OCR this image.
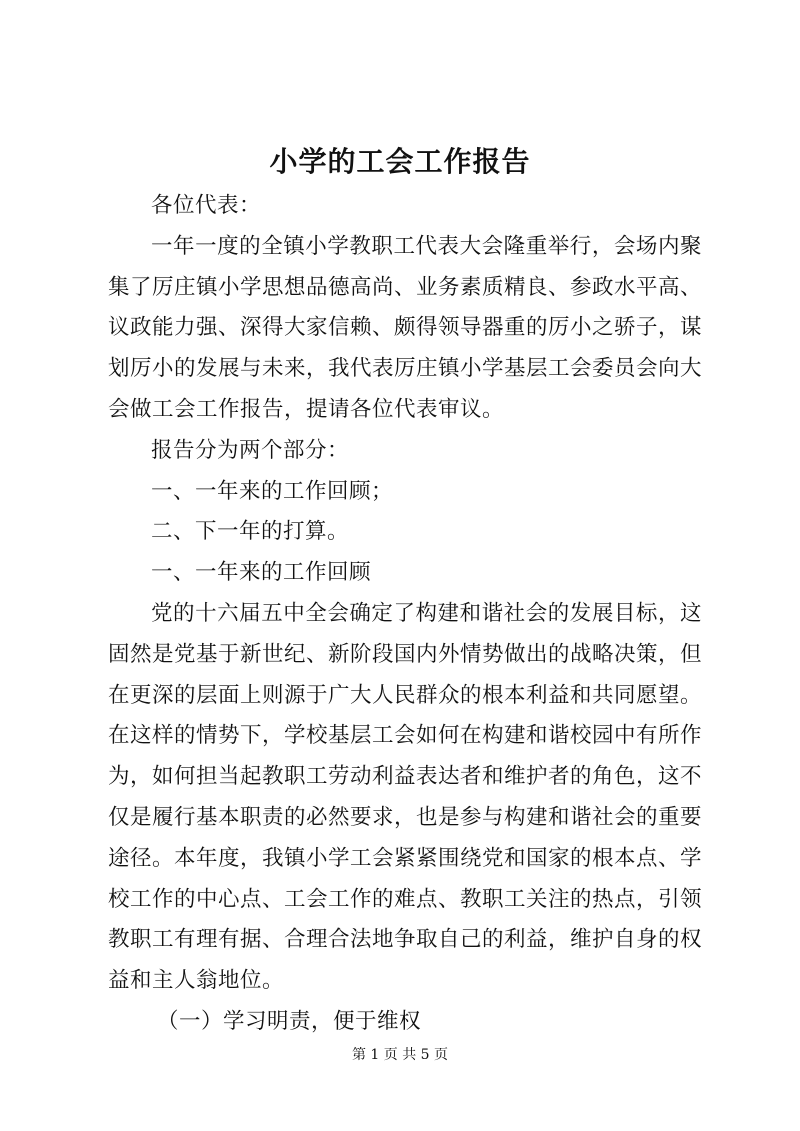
小学的工会工作报告

各位代表：

一年一度的全镇小学教职工代表大会隆重举行，会场内聚集了厉庄镇小学思想品德高尚、业务素质精良、参政水平高、议政能力强、深得大家信赖、颇得领导器重的厉小之骄子，谋划厉小的发展与未来，我代表厉庄镇小学基层工会委员会向大会做工会工作报告，提请各位代表审议。

报告分为两个部分：

一、一年来的工作回顾；

二、下一年的打算。

一、一年来的工作回顾

党的十六届五中全会确定了构建和谐社会的发展目标，这固然是党基于新世纪、新阶段国内外情势做出的战略决策，但在更深的层面上则源于广大人民群众的根本利益和共同愿望。在这样的情势下，学校基层工会如何在构建和谐校园中有所作为，如何担当起教职工劳动利益表达者和维护者的角色，这不仅是履行基本职责的必然要求，也是参与构建和谐社会的重要途径。本年度，我镇小学工会紧紧围绕党和国家的根本点、学校工作的中心点、工会工作的难点、教职工关注的热点，引领教职工有理有据、合理合法地争取自己的利益，维护自身的权益和主人翁地位。

（一）学习明责，便于维权

第 1 页 共 5 页
